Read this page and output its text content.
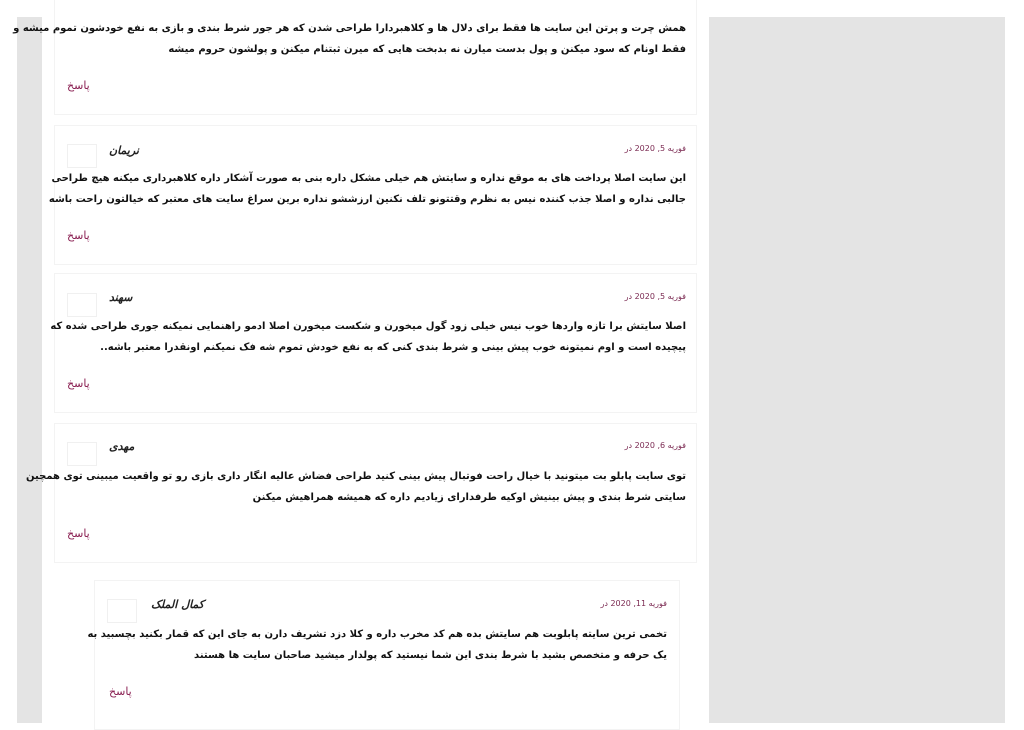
همش چرت و پرتن این سایت ها فقط برای دلال ها و کلاهبردارا طراحی شدن که هر جور شرط بندی و بازی به نفع خودشون تموم میشه و
فقط اونام که سود میکنن و پول بدست میارن نه بدبخت هایی که میرن ثبتنام میکنن و پولشون حروم میشه
پاسخ
نریمان	فوریه 5, 2020 در
این سایت اصلا پرداخت های به موقع نداره و سایتش هم خیلی مشکل داره بنی به صورت آشکار داره کلاهبرداری میکنه هیچ طراحی
جالبی نداره و اصلا جذب کننده نیس به نظرم وقتتونو تلف نکنین ارزششو نداره برین سراغ سایت های معتبر که خیالتون راحت باشه
پاسخ
سهند	فوریه 5, 2020 در
اصلا سایتش برا تازه واردها خوب نیس خیلی زود گول میخورن و شکست میخورن اصلا ادمو راهنمایی نمیکنه جوری طراحی شده که
پیچیده است و اوم نمیتونه خوب پیش بینی و شرط بندی کنی که به نفع خودش تموم شه فک نمیکنم اونقدرا معتبر باشه..
پاسخ
مهدی	فوریه 6, 2020 در
توی سایت پابلو بت میتونید با خیال راحت فوتبال پیش بینی کنید طراحی فضاش عالیه انگار داری بازی رو تو واقعیت میبینی توی همچین
سایتی شرط بندی و پیش بینیش اوکیه طرفدارای زیادیم داره که همیشه همراهیش میکنن
پاسخ
کمال الملک	فوریه 11, 2020 در
تخمی ترین سایته پابلوبت هم سایتش بده هم کد مخرب داره و کلا دزد تشریف دارن به جای این که قمار بکنید بچسبید به
یک حرفه و متخصص بشید با شرط بندی این شما نیستید که پولدار میشید صاحبان سایت ها هستند
پاسخ
